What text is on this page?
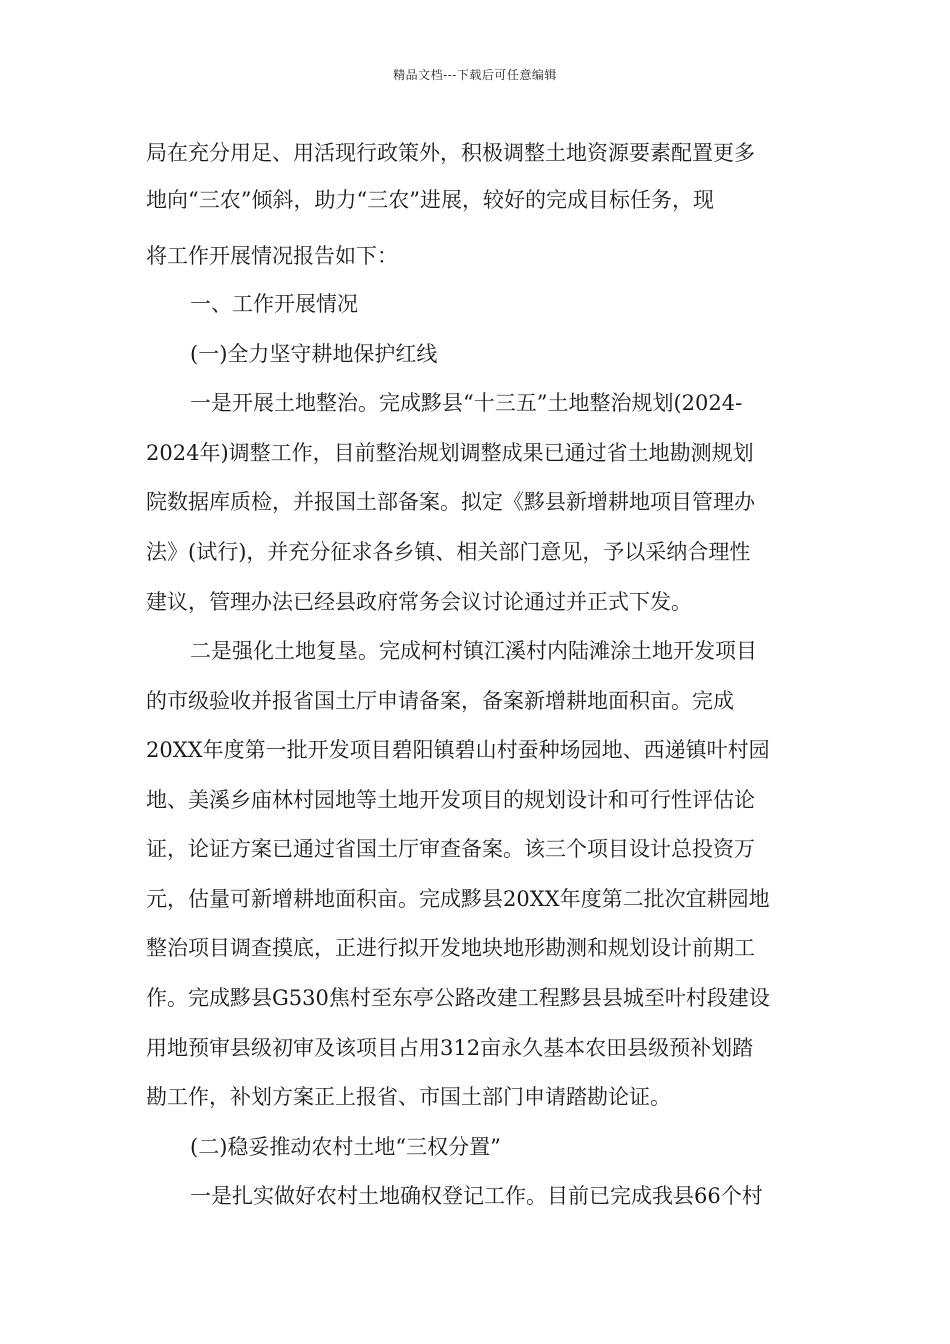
精品文档---下载后可任意编辑
局在充分用足、用活现行政策外，积极调整土地资源要素配置更多
地向“三农”倾斜，助力“三农”进展，较好的完成目标任务，现
将工作开展情况报告如下：
一、工作开展情况
(一)全力坚守耕地保护红线
一是开展土地整治。完成黟县“十三五”土地整治规划(2024-
2024年)调整工作，目前整治规划调整成果已通过省土地勘测规划
院数据库质检，并报国土部备案。拟定《黟县新增耕地项目管理办
法》(试行)，并充分征求各乡镇、相关部门意见，予以采纳合理性
建议，管理办法已经县政府常务会议讨论通过并正式下发。
二是强化土地复垦。完成柯村镇江溪村内陆滩涂土地开发项目
的市级验收并报省国土厅申请备案，备案新增耕地面积亩。完成
20XX年度第一批开发项目碧阳镇碧山村蚕种场园地、西递镇叶村园
地、美溪乡庙林村园地等土地开发项目的规划设计和可行性评估论
证，论证方案已通过省国土厅审查备案。该三个项目设计总投资万
元，估量可新增耕地面积亩。完成黟县20XX年度第二批次宜耕园地
整治项目调查摸底，正进行拟开发地块地形勘测和规划设计前期工
作。完成黟县G530焦村至东亭公路改建工程黟县县城至叶村段建设
用地预审县级初审及该项目占用312亩永久基本农田县级预补划踏
勘工作，补划方案正上报省、市国土部门申请踏勘论证。
(二)稳妥推动农村土地“三权分置”
一是扎实做好农村土地确权登记工作。目前已完成我县66个村
